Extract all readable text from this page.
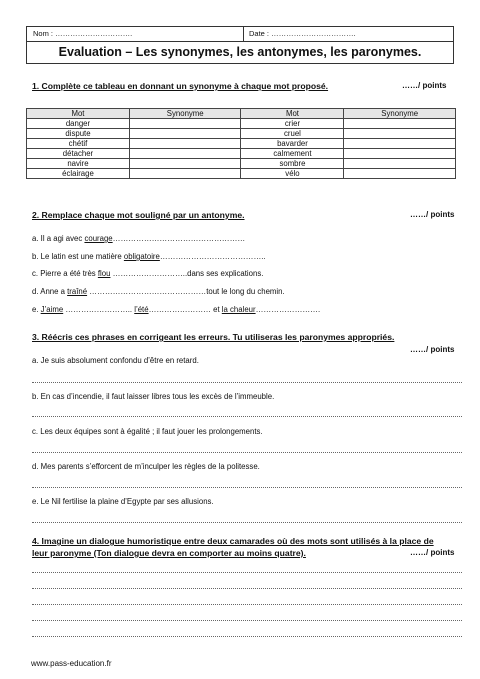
Nom : ………………………….	Date : …………………………….
Evaluation – Les synonymes, les antonymes, les paronymes.
1. Complète ce tableau en donnant un synonyme à chaque mot proposé.	……/ points
Mot	Synonyme	Mot	Synonyme
danger		crier	
dispute		cruel	
chétif		bavarder	
détacher		calmement	
navire		sombre	
éclairage		vélo	
2. Remplace chaque mot souligné par un antonyme.	……/ points
a. Il a agi avec courage……………………………………………
b. Le latin est une matière obligatoire…………………………………..
c. Pierre a été très flou ………………………..dans ses explications.
d. Anne a traîné ………………………………………tout le long du chemin.
e. J’aime …………………….. l’été…………………… et la chaleur…………………….
3. Réécris ces phrases en corrigeant les erreurs. Tu utiliseras les paronymes appropriés.
……/ points
a. Je suis absolument confondu d’être en retard.
b. En cas d’incendie, il faut laisser libres tous les excès de l’immeuble.
c. Les deux équipes sont à égalité ; il faut jouer les prolongements.
d. Mes parents s’efforcent de m’inculper les règles de la politesse.
e. Le Nil fertilise la plaine d’Egypte par ses allusions.
4. Imagine un dialogue humoristique entre deux camarades où des mots sont utilisés à la place de
leur paronyme (Ton dialogue devra en comporter au moins quatre).	……/ points
www.pass-education.fr
